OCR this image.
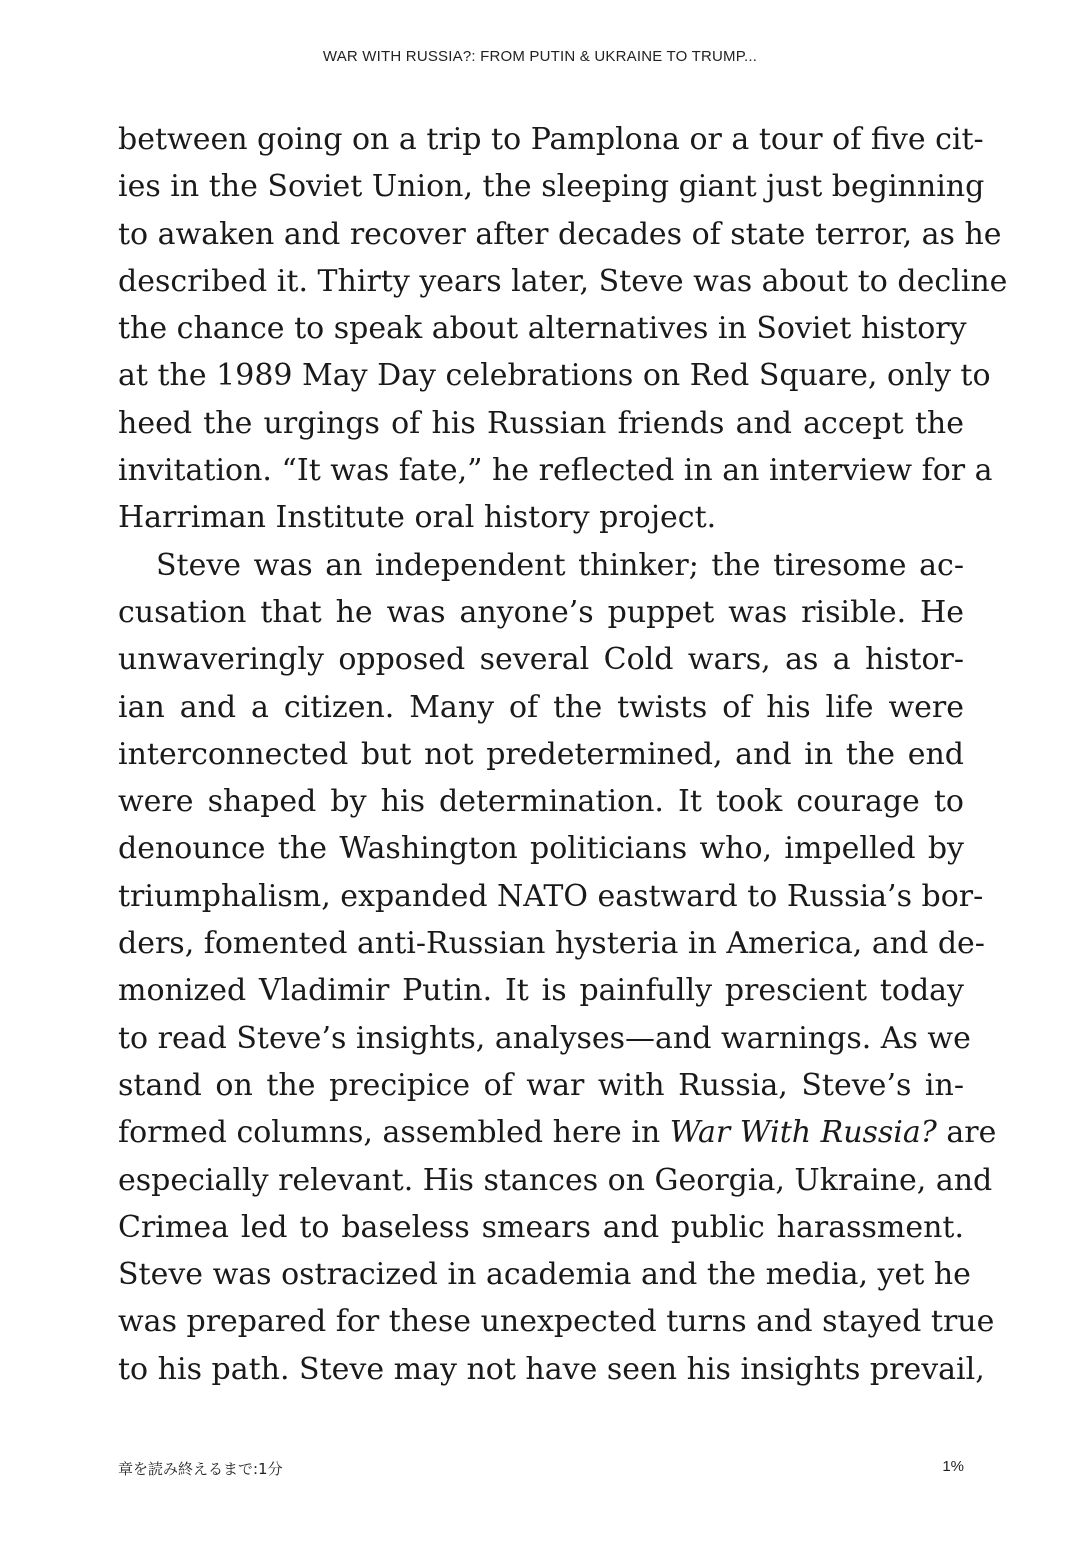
WAR WITH RUSSIA?: FROM PUTIN & UKRAINE TO TRUMP...
between going on a trip to Pamplona or a tour of five cit-
ies in the Soviet Union, the sleeping giant just beginning
to awaken and recover after decades of state terror, as he
described it. Thirty years later, Steve was about to decline
the chance to speak about alternatives in Soviet history
at the 1989 May Day celebrations on Red Square, only to
heed the urgings of his Russian friends and accept the
invitation. “It was fate,” he reflected in an interview for a
Harriman Institute oral history project.
Steve was an independent thinker; the tiresome ac-
cusation that he was anyone’s puppet was risible. He
unwaveringly opposed several Cold wars, as a histor-
ian and a citizen. Many of the twists of his life were
interconnected but not predetermined, and in the end
were shaped by his determination. It took courage to
denounce the Washington politicians who, impelled by
triumphalism, expanded NATO eastward to Russia’s bor-
ders, fomented anti-Russian hysteria in America, and de-
monized Vladimir Putin. It is painfully prescient today
to read Steve’s insights, analyses—and warnings. As we
stand on the precipice of war with Russia, Steve’s in-
formed columns, assembled here in War With Russia? are
especially relevant. His stances on Georgia, Ukraine, and
Crimea led to baseless smears and public harassment.
Steve was ostracized in academia and the media, yet he
was prepared for these unexpected turns and stayed true
to his path. Steve may not have seen his insights prevail,
章を読み終えるまで:1分	1%
